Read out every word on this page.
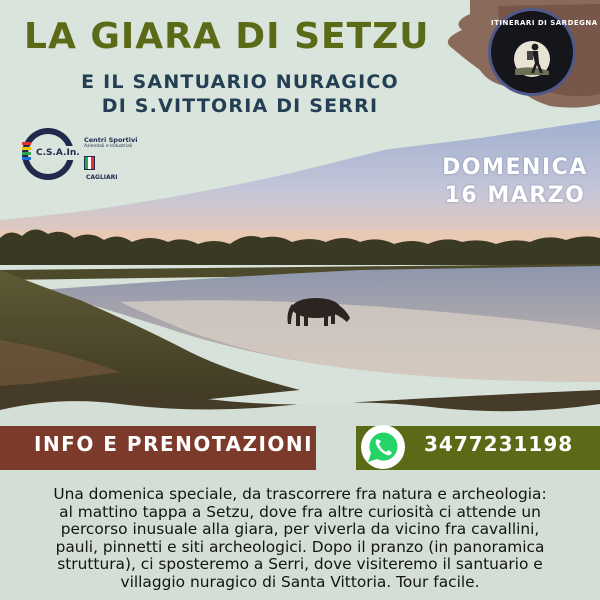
ITINERARI DI SARDEGNA
LA GIARA DI SETZU

E IL SANTUARIO NURAGICO

DI S.VITTORIA DI SERRI

C.S.A.In.
Centri Sportivi
Aziendali e Industriali
CAGLIARI	DOMENICA

16 MARZO

INFO E PRENOTAZIONI	3477231198

Una domenica speciale, da trascorrere fra natura e archeologia:
al mattino tappa a Setzu, dove fra altre curiosità ci attende un
percorso inusuale alla giara, per viverla da vicino fra cavallini,
pauli, pinnetti e siti archeologici. Dopo il pranzo (in panoramica
struttura), ci sposteremo a Serri, dove visiteremo il santuario e
villaggio nuragico di Santa Vittoria. Tour facile.
